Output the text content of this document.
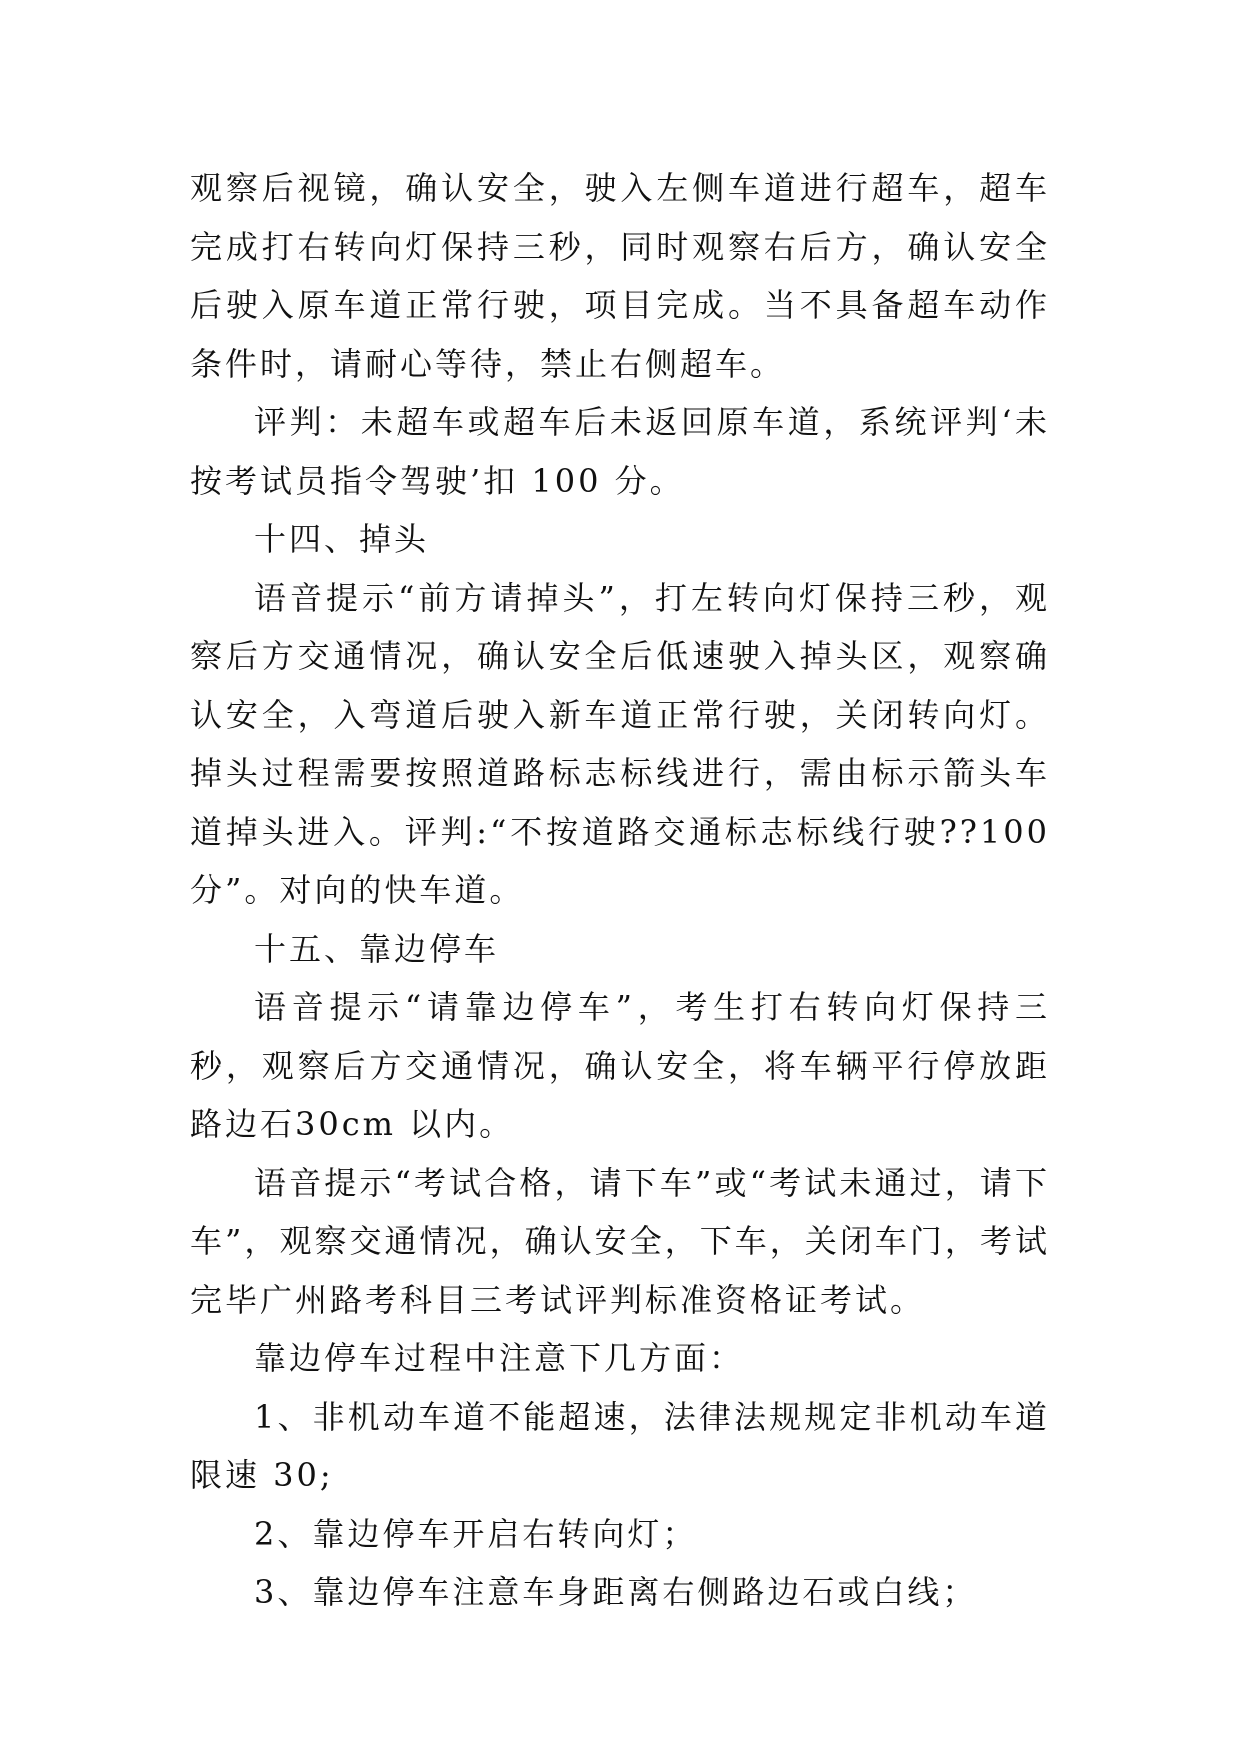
观察后视镜，确认安全，驶入左侧车道进行超车，超车完成打右转向灯保持三秒，同时观察右后方，确认安全后驶入原车道正常行驶，项目完成。当不具备超车动作条件时，请耐心等待，禁止右侧超车。

评判：未超车或超车后未返回原车道，系统评判‘未按考试员指令驾驶’扣 100 分。

十四、掉头

语音提示“前方请掉头”，打左转向灯保持三秒，观察后方交通情况，确认安全后低速驶入掉头区，观察确认安全，入弯道后驶入新车道正常行驶，关闭转向灯。掉头过程需要按照道路标志标线进行，需由标示箭头车道掉头进入。评判:“不按道路交通标志标线行驶??100 分”。对向的快车道。

十五、靠边停车

语音提示“请靠边停车”，考生打右转向灯保持三秒，观察后方交通情况，确认安全，将车辆平行停放距路边石30cm 以内。

语音提示“考试合格，请下车”或“考试未通过，请下车”，观察交通情况，确认安全，下车，关闭车门，考试完毕广州路考科目三考试评判标准资格证考试。

靠边停车过程中注意下几方面：

1、非机动车道不能超速，法律法规规定非机动车道限速 30;

2、靠边停车开启右转向灯；

3、靠边停车注意车身距离右侧路边石或白线；
